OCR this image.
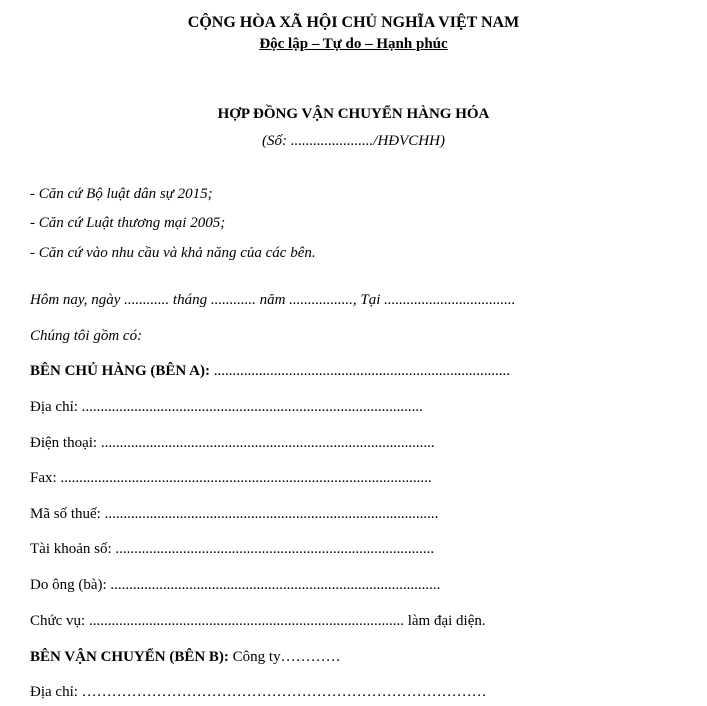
CỘNG HÒA XÃ HỘI CHỦ NGHĨA VIỆT NAM
Độc lập – Tự do – Hạnh phúc
HỢP ĐỒNG VẬN CHUYỂN HÀNG HÓA
(Số: ....................../HĐVCHH)
- Căn cứ Bộ luật dân sự 2015;
- Căn cứ Luật thương mại 2005;
- Căn cứ vào nhu cầu và khả năng của các bên.
Hôm nay, ngày ............ tháng ............ năm ................., Tại ...................................
Chúng tôi gồm có:
BÊN CHỦ HÀNG (BÊN A): ...............................................................................
Địa chỉ: ...........................................................................................
Điện thoại: .........................................................................................
Fax: ...................................................................................................
Mã số thuế: .........................................................................................
Tài khoản số: .....................................................................................
Do ông (bà): ........................................................................................
Chức vụ: .................................................................................... làm đại diện.
BÊN VẬN CHUYỂN (BÊN B): Công ty…………
Địa chỉ: ………………………………………………………………………
